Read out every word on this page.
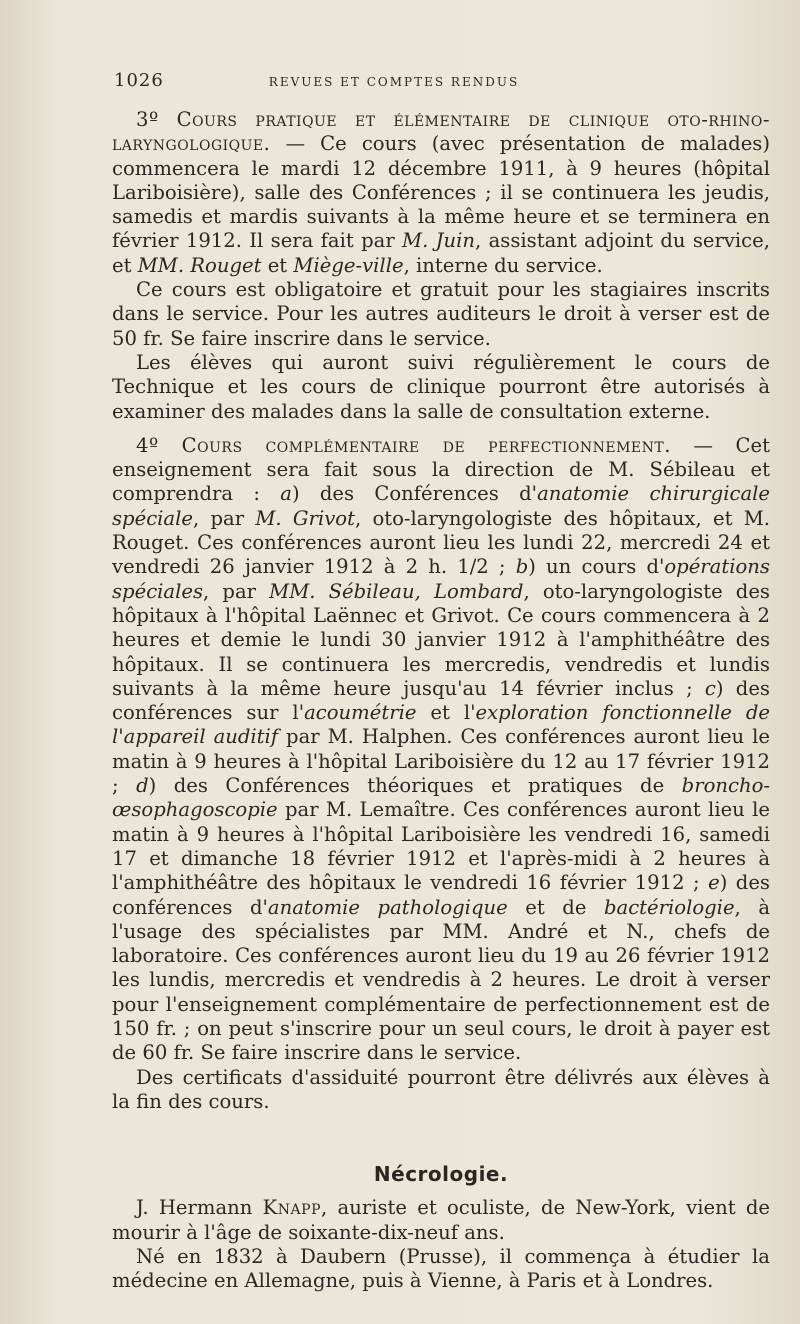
1026	REVUES ET COMPTES RENDUS

3º Cours pratique et élémentaire de clinique oto-rhino-laryngologique. — Ce cours (avec présentation de malades) commencera le mardi 12 décembre 1911, à 9 heures (hôpital Lariboisière), salle des Conférences ; il se continuera les jeudis, samedis et mardis suivants à la même heure et se terminera en février 1912. Il sera fait par M. Juin, assistant adjoint du service, et MM. Rouget et Miège-ville, interne du service.

Ce cours est obligatoire et gratuit pour les stagiaires inscrits dans le service. Pour les autres auditeurs le droit à verser est de 50 fr. Se faire inscrire dans le service.

Les élèves qui auront suivi régulièrement le cours de Technique et les cours de clinique pourront être autorisés à examiner des malades dans la salle de consultation externe.

4º Cours complémentaire de perfectionnement. — Cet enseignement sera fait sous la direction de M. Sébileau et comprendra : a) des Conférences d'anatomie chirurgicale spéciale, par M. Grivot, oto-laryngologiste des hôpitaux, et M. Rouget. Ces conférences auront lieu les lundi 22, mercredi 24 et vendredi 26 janvier 1912 à 2 h. 1/2 ; b) un cours d'opérations spéciales, par MM. Sébileau, Lombard, oto-laryngologiste des hôpitaux à l'hôpital Laënnec et Grivot. Ce cours commencera à 2 heures et demie le lundi 30 janvier 1912 à l'amphithéâtre des hôpitaux. Il se continuera les mercredis, vendredis et lundis suivants à la même heure jusqu'au 14 février inclus ; c) des conférences sur l'acoumétrie et l'exploration fonctionnelle de l'appareil auditif par M. Halphen. Ces conférences auront lieu le matin à 9 heures à l'hôpital Lariboisière du 12 au 17 février 1912 ; d) des Conférences théoriques et pratiques de broncho-œsophagoscopie par M. Lemaître. Ces conférences auront lieu le matin à 9 heures à l'hôpital Lariboisière les vendredi 16, samedi 17 et dimanche 18 février 1912 et l'après-midi à 2 heures à l'amphithéâtre des hôpitaux le vendredi 16 février 1912 ; e) des conférences d'anatomie pathologique et de bactériologie, à l'usage des spécialistes par MM. André et N., chefs de laboratoire. Ces conférences auront lieu du 19 au 26 février 1912 les lundis, mercredis et vendredis à 2 heures. Le droit à verser pour l'enseignement complémentaire de perfectionnement est de 150 fr. ; on peut s'inscrire pour un seul cours, le droit à payer est de 60 fr. Se faire inscrire dans le service.

Des certificats d'assiduité pourront être délivrés aux élèves à la fin des cours.

Nécrologie.

J. Hermann Knapp, auriste et oculiste, de New-York, vient de mourir à l'âge de soixante-dix-neuf ans.

Né en 1832 à Daubern (Prusse), il commença à étudier la médecine en Allemagne, puis à Vienne, à Paris et à Londres.
